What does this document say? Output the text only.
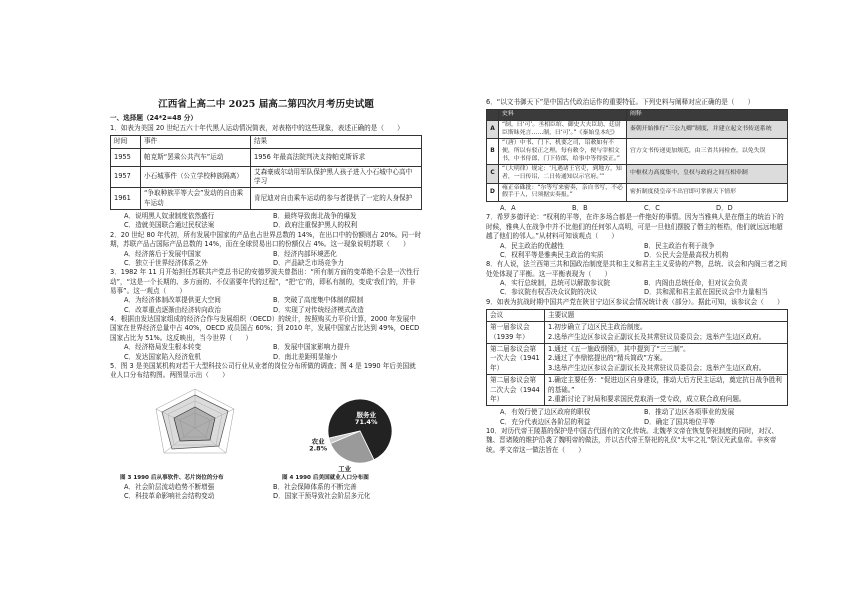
江西省上高二中 2025 届高二第四次月考历史试题
一、选择题（24*2=48 分）

1．如表为美国 20 世纪五六十年代黑人运动情况简表，对表格中的这些现象，表述正确的是（　　）

时间	事件	结果
1955	帕克斯“罢乘公共汽车”运动	1956 年最高法院判决支持帕克斯诉求
1957	小石城事件（公立学校种族隔离）	艾森豪威尔动用军队保护黑人孩子进入小石城中心高中学习
1961	“争取种族平等大会”发动的自由乘车运动	肯尼迪对自由乘车运动的参与者提供了一定的人身保护
A．说明黑人奴隶制度依然盛行	B．最终导致南北战争的爆发
C．造就美国联合通过民权法案	D．政府注重保护黑人的权利

2．20 世纪 80 年代初，所有发展中国家的产品也占世界总数的 14%，在出口中的份额则占 20%。同一时期，苏联产品占国际产品总数的 14%，而在全球贸易出口的份额仅占 4%。这一现象说明苏联（　　）

A．经济落后于发展中国家	B．经济内部环境恶化
C．独立于世界经济体系之外	D．产品缺乏市场竞争力

3．1982 年 11 月开始担任苏联共产党总书记的安德罗波夫曾指出：“所有制方面的变革绝不会是一次性行动”，“这是一个长期的、多方面的、不仅需要年代的过程”，“把‘它’的，即私有制的，变成‘我们’的，并非易事”。这一观点（　　）

A．为经济体制改革提供更大空间	B．突破了高度集中体制的限制
C．改革重点逐渐由经济转向政治	D．实现了对传统经济模式改造

4．根据由发达国家组成的经济合作与发展组织（OECD）的统计，按照购买力平价计算，2000 年发展中国家在世界经济总量中占 40%，OECD 成员国占 60%；到 2010 年，发展中国家占比达到 49%，OECD 国家占比为 51%。这反映出，当今世界（　　）

A．经济格局发生根本转变	B．发展中国家影响力提升
C．发达国家陷入经济危机	D．南北差距明显缩小

5．图 3 是美国某机构对若干大型科技公司行业从业者的岗位分布所做的调查；图 4 是 1990 年后美国就业人口分布结构图。两图显示出（　　）

图 3 1990 后从事软件、芯片岗位的分布
服务业
71.4%
工业
农业
2.8%
图 4 1990 后美国就业人口分布图
A．社会阶层流动趋势不断增强	B．社会保障体系的不断完善
C．科技革命影响社会结构变动	D．国家干预导致社会阶层多元化

6．“以文书御天下”是中国古代政治运作的重要特征。下列史料与阐释对应正确的是（　　）

	史料	阐释
A	“制，曰‘可’。丞相臣绾、御史大夫臣劫、廷尉臣斯昧死言……制，曰‘可’。”《秦始皇本纪》	秦朝开始推行“三公九卿”制度，并建立起文书传送系统
B	“（唐）中书、门下、机要之司，诏敕如有不便，所以有驳正之理。每有敕令，便与宰相文书，中书侍郎，门下侍郎，给事中等得驳正。”	官方文书传递更加规范，由三省共同检查，以免失误
C	“（大明律）规定：‘凡遇诸王官吏，到地方，知者，一日传诏，二日传通知以示官府。’”	中枢权力高度集中，皇权与政府之间互相牵制
D	雍正帝硃批：“尔等写来密奏，亲自书写，不必假手于人，只须据实奏报。”	密折制度使皇帝不出宫即可掌握天下情形
A．A	B．B	C．C	D．D

7．希罗多德评论：“权利的平等，在许多场合都是一件绝好的事情。因为当雅典人是在僭主的统治下的时候，雅典人在战争中并不比他们的任何邻人高明，可是一旦他们摆脱了僭主的桎梏，他们就远远地超越了他们的邻人。”从材料可知该观点（　　）

A．民主政治的优越性	B．民主政治有利于战争
C．权利平等是雅典民主政治的实质	D．公民大会是最高权力机构

8．有人说，法兰西第三共和国政治制度是共和主义和君主主义妥协的产物，总统、议会和内阁三者之间处处体现了平衡。这一平衡表现为（　　）

A．实行总统制，总统可以解散参议院	B．内阁由总统任命，但对议会负责
C．参议院有权否决众议院的决议	D．共和派和君主派在国民议会中力量相当

9．如表为抗战时期中国共产党在陕甘宁边区参议会情况统计表（部分）。据此可知，该参议会（　　）

会议	主要议题
第一届参议会（1939 年）	1.初步确立了边区民主政治制度。
2.选举产生边区参议会正副议长及其常驻议员委员会；选举产生边区政府。
第二届参议会第一次大会（1941 年）	1.通过《五一施政纲领》，其中提到了“三三制”。
2.通过了李鼎铭提出的“精兵简政”方案。
3.选举产生边区参议会正副议长及其常驻议员委员会；选举产生边区政府。
第二届参议会第二次大会（1944 年）	1.确定主要任务：“促进边区自身建设，推动大后方民主运动，奠定抗日战争胜利的基础。”
2.重新讨论了时局和要求国民党取消一党专政，成立联合政府问题。
A．有效行使了边区政府的职权	B．推动了边区各项事业的发展
C．充分代表边区各阶层的利益	D．确定了国共地位平等

10．对历代帝王陵墓的保护是中国古代固有的文化传统。北魏孝文帝在恢复祭祀制度的同时，对汉、魏、晋诸陵的维护沿袭了魏明帝的做法，并以古代帝王祭祀的礼仪“太牢之礼”祭汉光武皇帝。辛亥帝统。孝文帝这一做法旨在（　　）
